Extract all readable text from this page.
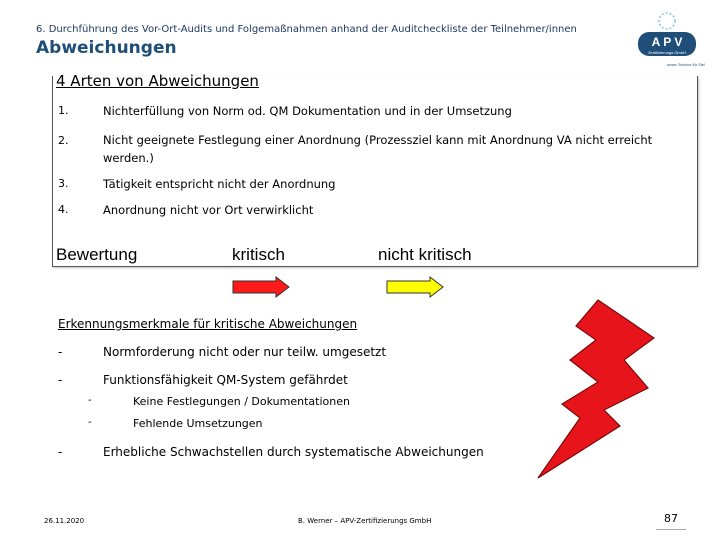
6. Durchführung des Vor-Ort-Audits und Folgemaßnahmen anhand der Auditcheckliste der Teilnehmer/innen
Abweichungen	A P V
Zertifizierungs GmbH
unser Service für Sie!
4 Arten von Abweichungen
1.	Nichterfüllung von Norm od. QM Dokumentation und in der Umsetzung
2.	Nicht geeignete Festlegung einer Anordnung (Prozessziel kann mit Anordnung VA nicht erreicht werden.)
3.	Tätigkeit entspricht nicht der Anordnung
4.	Anordnung nicht vor Ort verwirklicht
Bewertung	kritisch	nicht kritisch
Erkennungsmerkmale für kritische Abweichungen
-	Normforderung nicht oder nur teilw. umgesetzt
-	Funktionsfähigkeit QM-System gefährdet
-	Keine Festlegungen / Dokumentationen
-	Fehlende Umsetzungen
-	Erhebliche Schwachstellen durch systematische Abweichungen
26.11.2020	B. Werner – APV-Zertifizierungs GmbH	87
